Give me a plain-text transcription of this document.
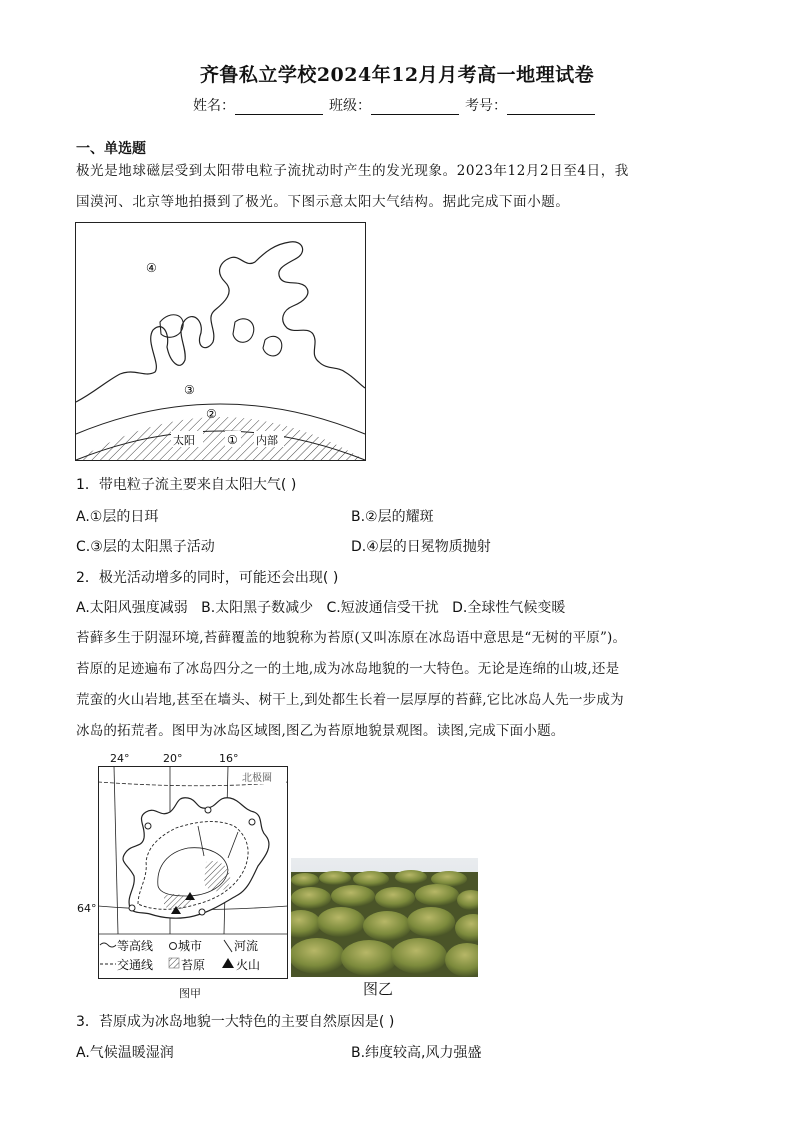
齐鲁私立学校2024年12月月考高一地理试卷
姓名：	班级：	考号：
一、单选题
极光是地球磁层受到太阳带电粒子流扰动时产生的发光现象。2023年12月2日至4日，我
国漠河、北京等地拍摄到了极光。下图示意太阳大气结构。据此完成下面小题。
④
③
②
太阳	① 内部
1．带电粒子流主要来自太阳大气( )
A.①层的日珥	B.②层的耀斑
C.③层的太阳黑子活动	D.④层的日冕物质抛射
2．极光活动增多的同时，可能还会出现( )
A.太阳风强度减弱   B.太阳黑子数减少   C.短波通信受干扰   D.全球性气候变暖
苔藓多生于阴湿环境,苔藓覆盖的地貌称为苔原(又叫冻原在冰岛语中意思是“无树的平原”)。
苔原的足迹遍布了冰岛四分之一的土地,成为冰岛地貌的一大特色。无论是连绵的山坡,还是
荒蛮的火山岩地,甚至在墙头、树干上,到处都生长着一层厚厚的苔藓,它比冰岛人先一步成为
冰岛的拓荒者。图甲为冰岛区域图,图乙为苔原地貌景观图。读图,完成下面小题。
24°	20°	16°
64°
北极圈
等高线 城市	河流
交通线 苔原	火山
图甲	图乙
3．苔原成为冰岛地貌一大特色的主要自然原因是( )
A.气候温暖湿润	B.纬度较高,风力强盛
